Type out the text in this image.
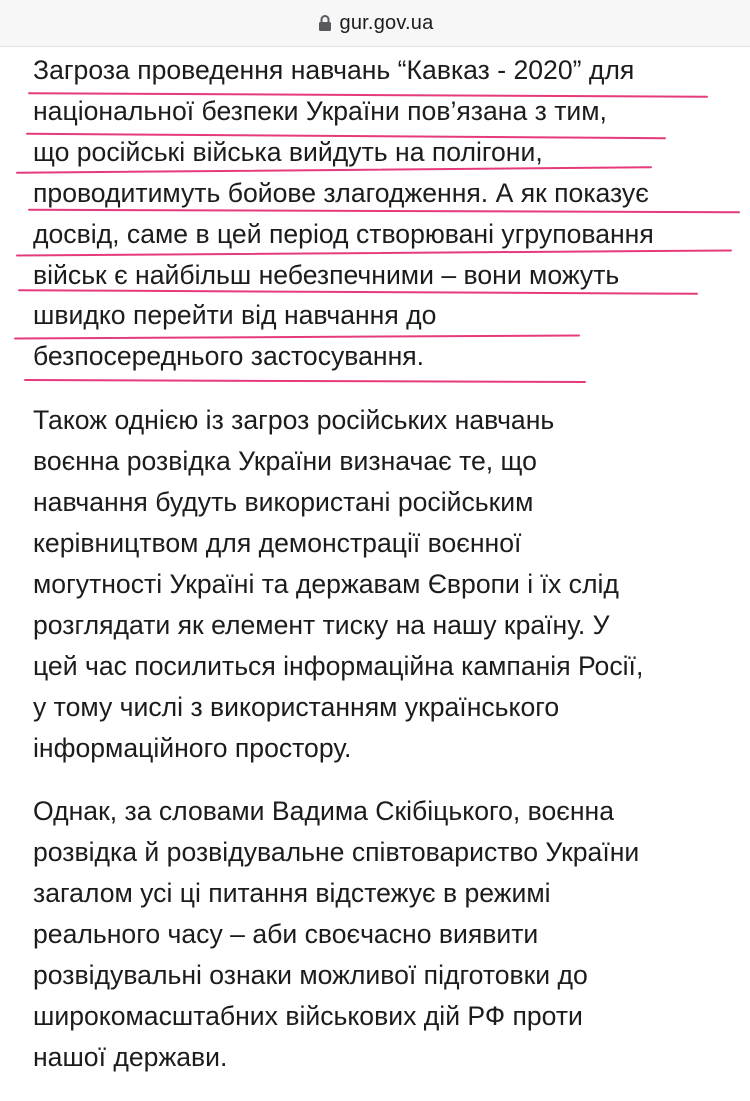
gur.gov.ua

Загроза проведення навчань “Кавказ - 2020” для
національної безпеки України пов’язана з тим,
що російські війська вийдуть на полігони,
проводитимуть бойове злагодження. А як показує
досвід, саме в цей період створювані угруповання
військ є найбільш небезпечними – вони можуть
швидко перейти від навчання до
безпосереднього застосування.

Також однією із загроз російських навчань
воєнна розвідка України визначає те, що
навчання будуть використані російським
керівництвом для демонстрації воєнної
могутності Україні та державам Європи і їх слід
розглядати як елемент тиску на нашу країну. У
цей час посилиться інформаційна кампанія Росії,
у тому числі з використанням українського
інформаційного простору.

Однак, за словами Вадима Скібіцького, воєнна
розвідка й розвідувальне співтовариство України
загалом усі ці питання відстежує в режимі
реального часу – аби своєчасно виявити
розвідувальні ознаки можливої підготовки до
широкомасштабних військових дій РФ проти
нашої держави.
